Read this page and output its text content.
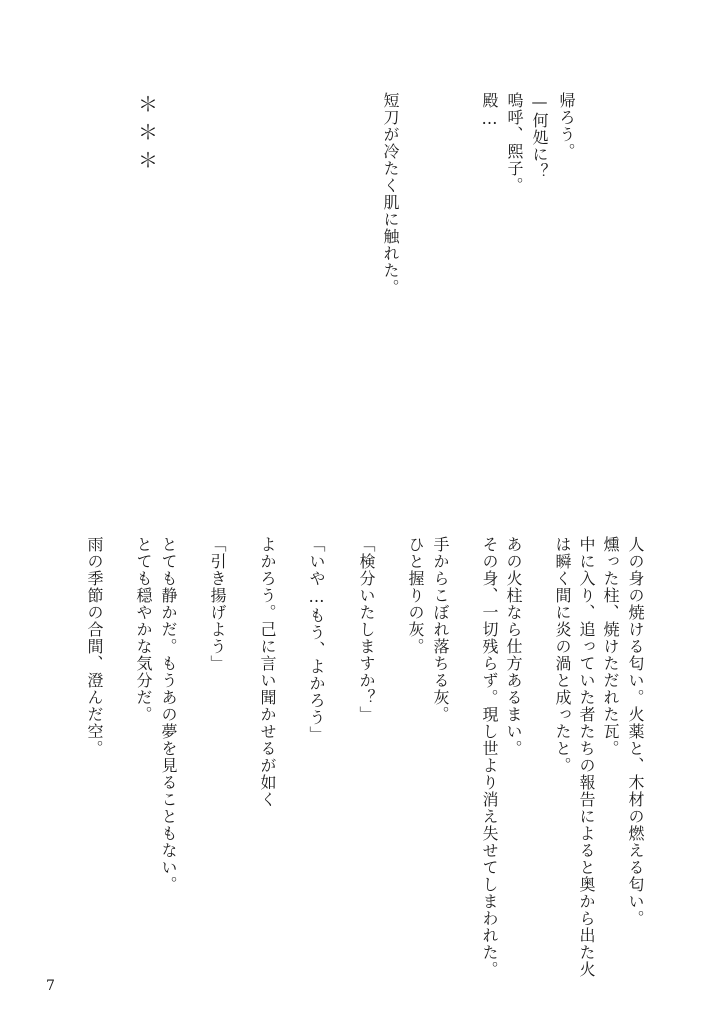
帰ろう。
—何処に？
嗚呼、熙子。
殿…
短刀が冷たく肌に触れた。
＊
＊
＊
人の身の焼ける匂い。火薬と、木材の燃える匂い。
燻った柱、焼けただれた瓦。
中に入り、追っていた者たちの報告によると奥から出た火
は瞬く間に炎の渦と成ったと。
あの火柱なら仕方あるまい。
その身、一切残らず。現し世より消え失せてしまわれた。
手からこぼれ落ちる灰。
ひと握りの灰。
「検分いたしますか？」
「いや…もう、よかろう」
よかろう。己に言い聞かせるが如く
「引き揚げよう」
とても静かだ。もうあの夢を見ることもない。
とても穏やかな気分だ。
雨の季節の合間、澄んだ空。
7
